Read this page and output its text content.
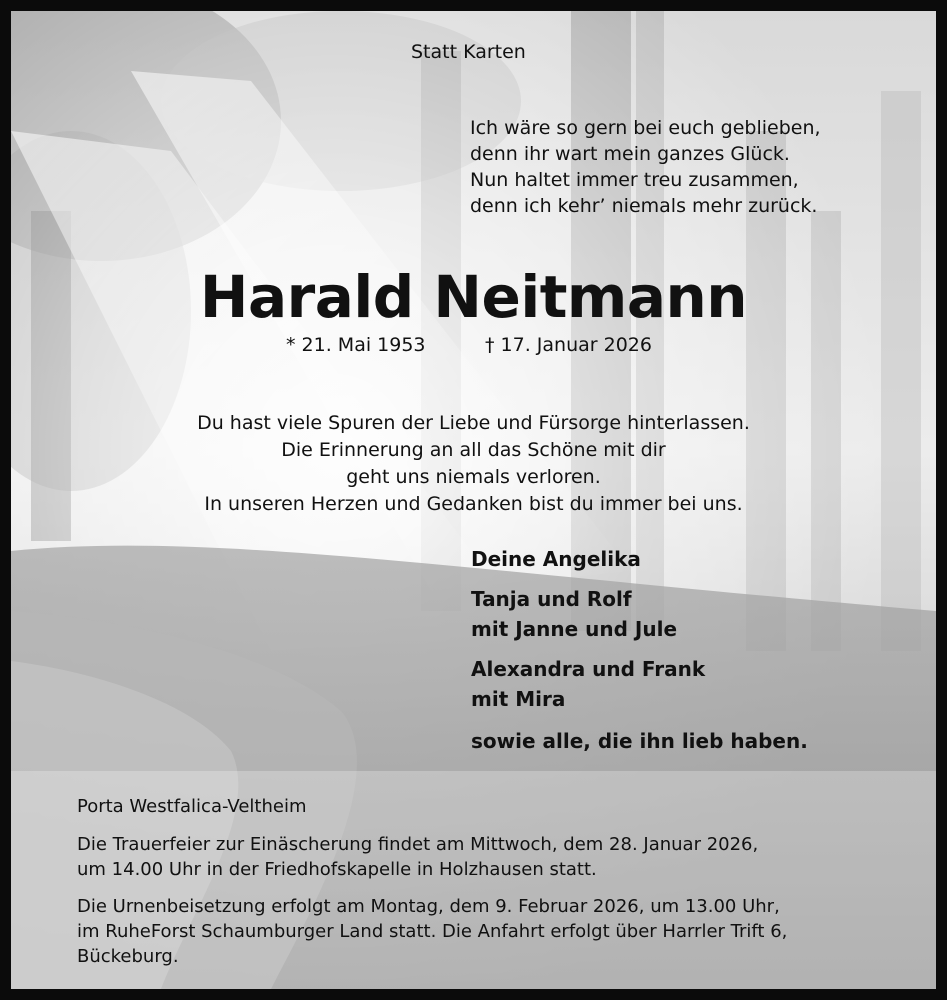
Statt Karten
Ich wäre so gern bei euch geblieben,
denn ihr wart mein ganzes Glück.
Nun haltet immer treu zusammen,
denn ich kehr’ niemals mehr zurück.
Harald Neitmann
* 21. Mai 1953	† 17. Januar 2026
Du hast viele Spuren der Liebe und Fürsorge hinterlassen.
Die Erinnerung an all das Schöne mit dir
geht uns niemals verloren.
In unseren Herzen und Gedanken bist du immer bei uns.
Deine Angelika
Tanja und Rolf
mit Janne und Jule
Alexandra und Frank
mit Mira
sowie alle, die ihn lieb haben.
Porta Westfalica-Veltheim
Die Trauerfeier zur Einäscherung findet am Mittwoch, dem 28. Januar 2026,
um 14.00 Uhr in der Friedhofskapelle in Holzhausen statt.
Die Urnenbeisetzung erfolgt am Montag, dem 9. Februar 2026, um 13.00 Uhr,
im RuheForst Schaumburger Land statt. Die Anfahrt erfolgt über Harrler Trift 6,
Bückeburg.
